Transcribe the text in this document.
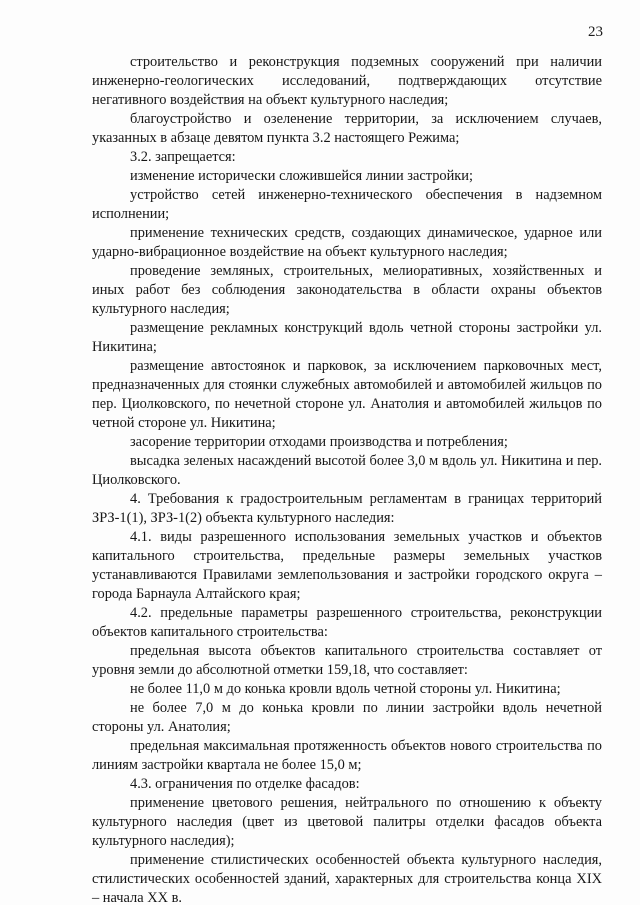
23

строительство и реконструкция подземных сооружений при наличии инженерно-геологических исследований, подтверждающих отсутствие негативного воздействия на объект культурного наследия;

благоустройство и озеленение территории, за исключением случаев, указанных в абзаце девятом пункта 3.2 настоящего Режима;

3.2. запрещается:

изменение исторически сложившейся линии застройки;

устройство сетей инженерно-технического обеспечения в надземном исполнении;

применение технических средств, создающих динамическое, ударное или ударно-вибрационное воздействие на объект культурного наследия;

проведение земляных, строительных, мелиоративных, хозяйственных и иных работ без соблюдения законодательства в области охраны объектов культурного наследия;

размещение рекламных конструкций вдоль четной стороны застройки ул. Никитина;

размещение автостоянок и парковок, за исключением парковочных мест, предназначенных для стоянки служебных автомобилей и автомобилей жильцов по пер. Циолковского, по нечетной стороне ул. Анатолия и автомобилей жильцов по четной стороне ул. Никитина;

засорение территории отходами производства и потребления;

высадка зеленых насаждений высотой более 3,0 м вдоль ул. Никитина и пер. Циолковского.

4. Требования к градостроительным регламентам в границах территорий ЗРЗ-1(1), ЗРЗ-1(2) объекта культурного наследия:

4.1. виды разрешенного использования земельных участков и объектов капитального строительства, предельные размеры земельных участков устанавливаются Правилами землепользования и застройки городского округа – города Барнаула Алтайского края;

4.2. предельные параметры разрешенного строительства, реконструкции объектов капитального строительства:

предельная высота объектов капитального строительства составляет от уровня земли до абсолютной отметки 159,18, что составляет:

не более 11,0 м до конька кровли вдоль четной стороны ул. Никитина;

не более 7,0 м до конька кровли по линии застройки вдоль нечетной стороны ул. Анатолия;

предельная максимальная протяженность объектов нового строительства по линиям застройки квартала не более 15,0 м;

4.3. ограничения по отделке фасадов:

применение цветового решения, нейтрального по отношению к объекту культурного наследия (цвет из цветовой палитры отделки фасадов объекта культурного наследия);

применение стилистических особенностей объекта культурного наследия, стилистических особенностей зданий, характерных для строительства конца XIX – начала XX в.
